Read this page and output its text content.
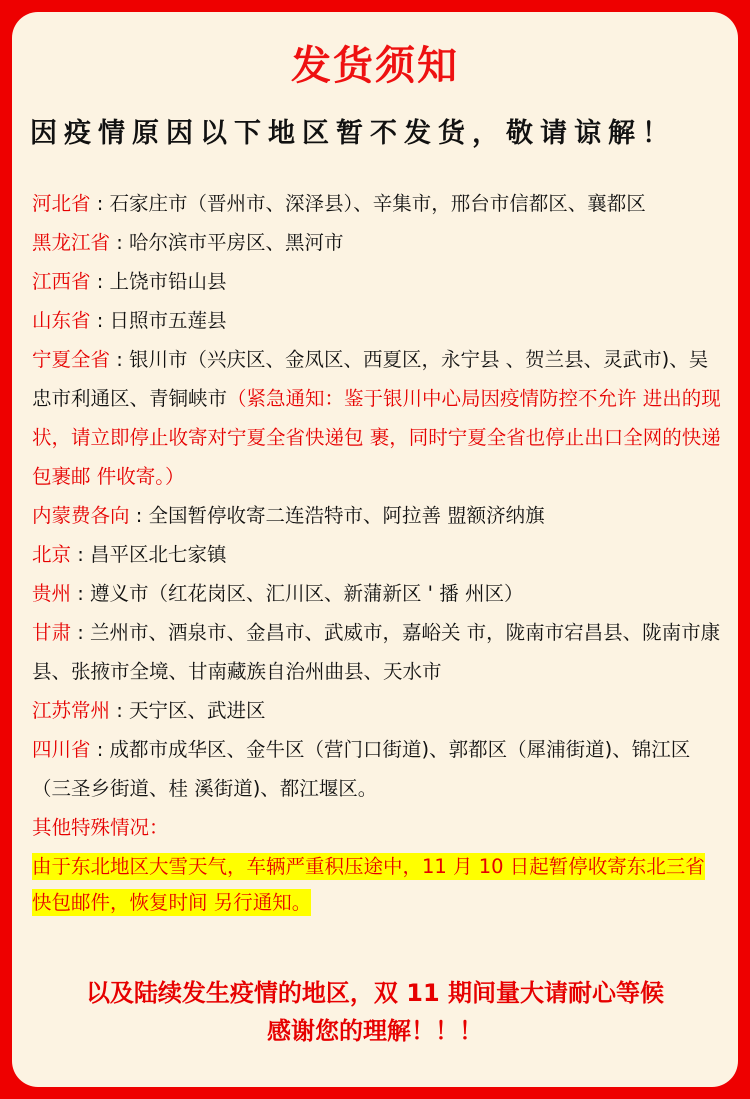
发货须知
因疫情原因以下地区暂不发货，敬请谅解！
河北省 : 石家庄市（晋州市、深泽县）、辛集市，邢台市信都区、襄都区
黑龙江省 : 哈尔滨市平房区、黑河市
江西省 : 上饶市铅山县
山东省 : 日照市五莲县
宁夏全省 : 银川市（兴庆区、金凤区、西夏区，永宁县 、贺兰县、灵武市)、吴忠市利通区、青铜峡市（紧急通知：鉴于银川中心局因疫情防控不允许 进出的现状，请立即停止收寄对宁夏全省快递包 裹，同时宁夏全省也停止出口全网的快递包裹邮 件收寄。）
内蒙费各向 : 全国暂停收寄二连浩特市、阿拉善 盟额济纳旗
北京 : 昌平区北七家镇
贵州 : 遵义市（红花岗区、汇川区、新蒲新区 ' 播 州区）
甘肃 : 兰州市、酒泉市、金昌市、武威市，嘉峪关 市，陇南市宕昌县、陇南市康县、张掖市全境、甘南藏族自治州曲县、天水市
江苏常州 : 天宁区、武进区
四川省 : 成都市成华区、金牛区（营门口街道)、郭都区（犀浦街道)、锦江区（三圣乡街道、桂 溪街道)、都江堰区。
其他特殊情况：
由于东北地区大雪天气，车辆严重积压途中，11 月 10 日起暂停收寄东北三省快包邮件，恢复时间 另行通知。
以及陆续发生疫情的地区，双 11 期间量大请耐心等候
感谢您的理解！！！
